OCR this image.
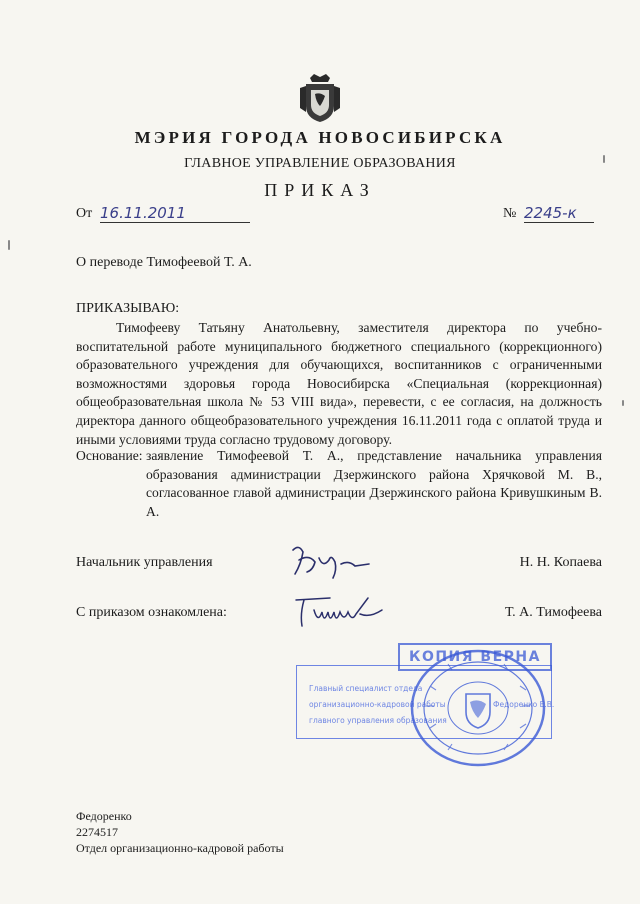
МЭРИЯ ГОРОДА НОВОСИБИРСКА
ГЛАВНОЕ УПРАВЛЕНИЕ ОБРАЗОВАНИЯ
ПРИКАЗ
От 16.11.2011	№ 2245-к
О переводе Тимофеевой Т. А.
ПРИКАЗЫВАЮ:
Тимофееву Татьяну Анатольевну, заместителя директора по учебно-воспитательной работе муниципального бюджетного специального (коррекционного) образовательного учреждения для обучающихся, воспитанников с ограниченными возможностями здоровья города Новосибирска «Специальная (коррекционная) общеобразовательная школа № 53 VIII вида», перевести, с ее согласия, на должность директора данного общеобразовательного учреждения 16.11.2011 года с оплатой труда и иными условиями труда согласно трудовому договору.
Основание: заявление Тимофеевой Т. А., представление начальника управления образования администрации Дзержинского района Хрячковой М. В., согласованное главой администрации Дзержинского района Кривушкиным В. А.
Начальник управления	Н. Н. Копаева
С приказом ознакомлена:	Т. А. Тимофеева
Главный специалист отдела
организационно-кадровой работы
главного управления образования
Федоренко Е.В.
КОПИЯ ВЕРНА
Федоренко
2274517
Отдел организационно-кадровой работы
